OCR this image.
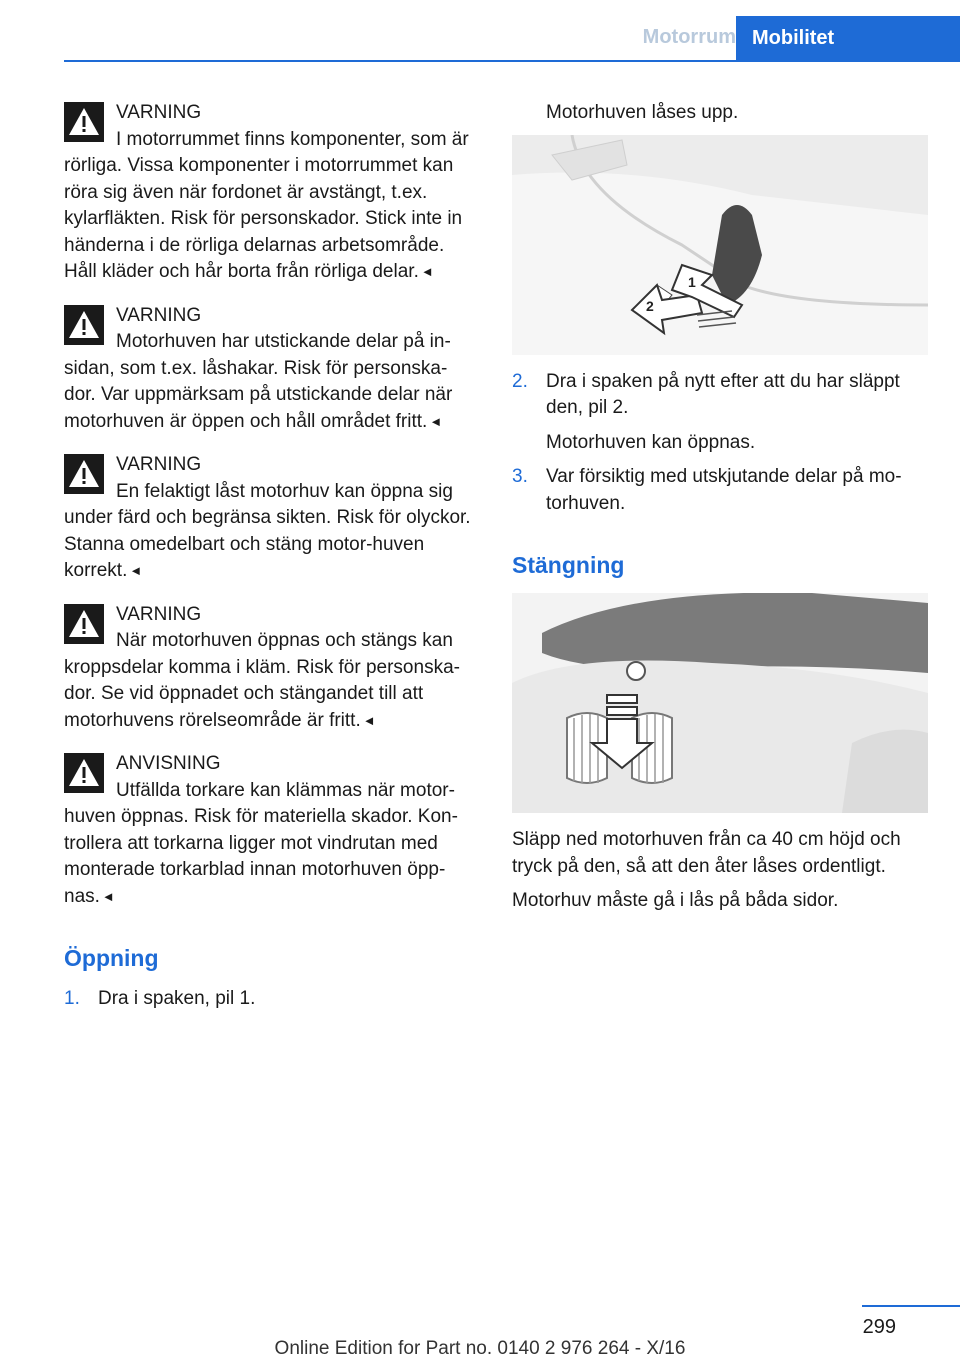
Motorrum Mobilitet
VARNING
I motorrummet finns komponenter, som är rörliga. Vissa komponenter i motorrummet kan röra sig även när fordonet är avstängt, t.ex. kylarfläkten. Risk för personskador. Stick inte in händerna i de rörliga delarnas arbetsområde. Håll kläder och hår borta från rörliga delar. ◄
VARNING
Motorhuven har utstickande delar på in‐sidan, som t.ex. låshakar. Risk för personska‐dor. Var uppmärksam på utstickande delar när motorhuven är öppen och håll området fritt. ◄
VARNING
En felaktigt låst motorhuv kan öppna sig under färd och begränsa sikten. Risk för olyckor. Stanna omedelbart och stäng motor‐huven korrekt. ◄
VARNING
När motorhuven öppnas och stängs kan kroppsdelar komma i kläm. Risk för personska‐dor. Se vid öppnadet och stängandet till att motorhuvens rörelseområde är fritt. ◄
ANVISNING
Utfällda torkare kan klämmas när motor‐huven öppnas. Risk för materiella skador. Kon‐trollera att torkarna ligger mot vindrutan med monterade torkarblad innan motorhuven öpp‐nas. ◄
Öppning
1. Dra i spaken, pil 1.

Motorhuven låses upp.

2
1
2. Dra i spaken på nytt efter att du har släppt den, pil 2.

Motorhuven kan öppnas.

3. Var försiktig med utskjutande delar på mo‐torhuven.
Stängning

Släpp ned motorhuven från ca 40 cm höjd och tryck på den, så att den åter låses ordentligt.

Motorhuv måste gå i lås på båda sidor.

299
Online Edition for Part no. 0140 2 976 264 - X/16
